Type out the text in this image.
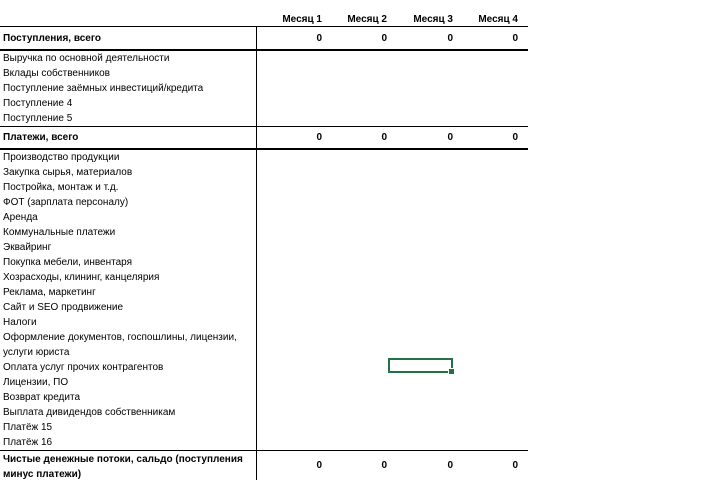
Месяц 1	Месяц 2	Месяц 3	Месяц 4
Поступления, всего	0	0	0	0
Выручка по основной деятельности
Вклады собственников
Поступление заёмных инвестиций/кредита
Поступление 4
Поступление 5
Платежи, всего	0	0	0	0
Производство продукции
Закупка сырья, материалов
Постройка, монтаж и т.д.
ФОТ (зарплата персоналу)
Аренда
Коммунальные платежи
Эквайринг
Покупка мебели, инвентаря
Хозрасходы, клининг, канцелярия
Реклама, маркетинг
Сайт и SEO продвижение
Налоги
Оформление документов, госпошлины, лицензии,
услуги юриста
Оплата услуг прочих контрагентов
Лицензии, ПО
Возврат кредита
Выплата дивидендов собственникам
Платёж 15
Платёж 16
Чистые денежные потоки, сальдо (поступления
минус платежи)
0	0	0	0
